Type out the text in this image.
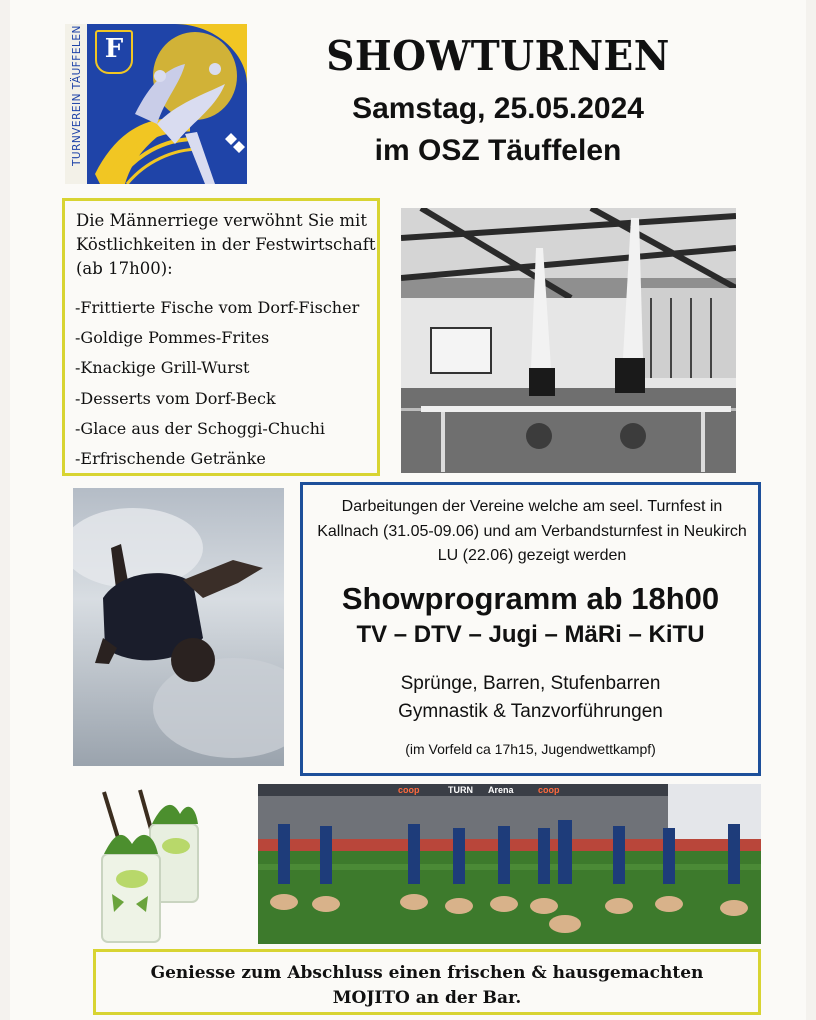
TURNVEREIN TÄUFFELEN F	SHOWTURNEN
Samstag, 25.05.2024
im OSZ Täuffelen
Die Männerriege verwöhnt Sie mit Köstlichkeiten in der Festwirtschaft (ab 17h00):
-Frittierte Fische vom Dorf-Fischer
-Goldige Pommes-Frites
-Knackige Grill-Wurst
-Desserts vom Dorf-Beck
-Glace aus der Schoggi-Chuchi
-Erfrischende Getränke
Darbeitungen der Vereine welche am seel. Turnfest in Kallnach (31.05-09.06) und am Verbandsturnfest in Neukirch LU (22.06) gezeigt werden
Showprogramm ab 18h00
TV – DTV – Jugi – MäRi – KiTU
Sprünge, Barren, Stufenbarren
Gymnastik & Tanzvorführungen
(im Vorfeld ca 17h15, Jugendwettkampf)
Arena	coop
TURN
coop
Geniesse zum Abschluss einen frischen & hausgemachten
MOJITO an der Bar.
